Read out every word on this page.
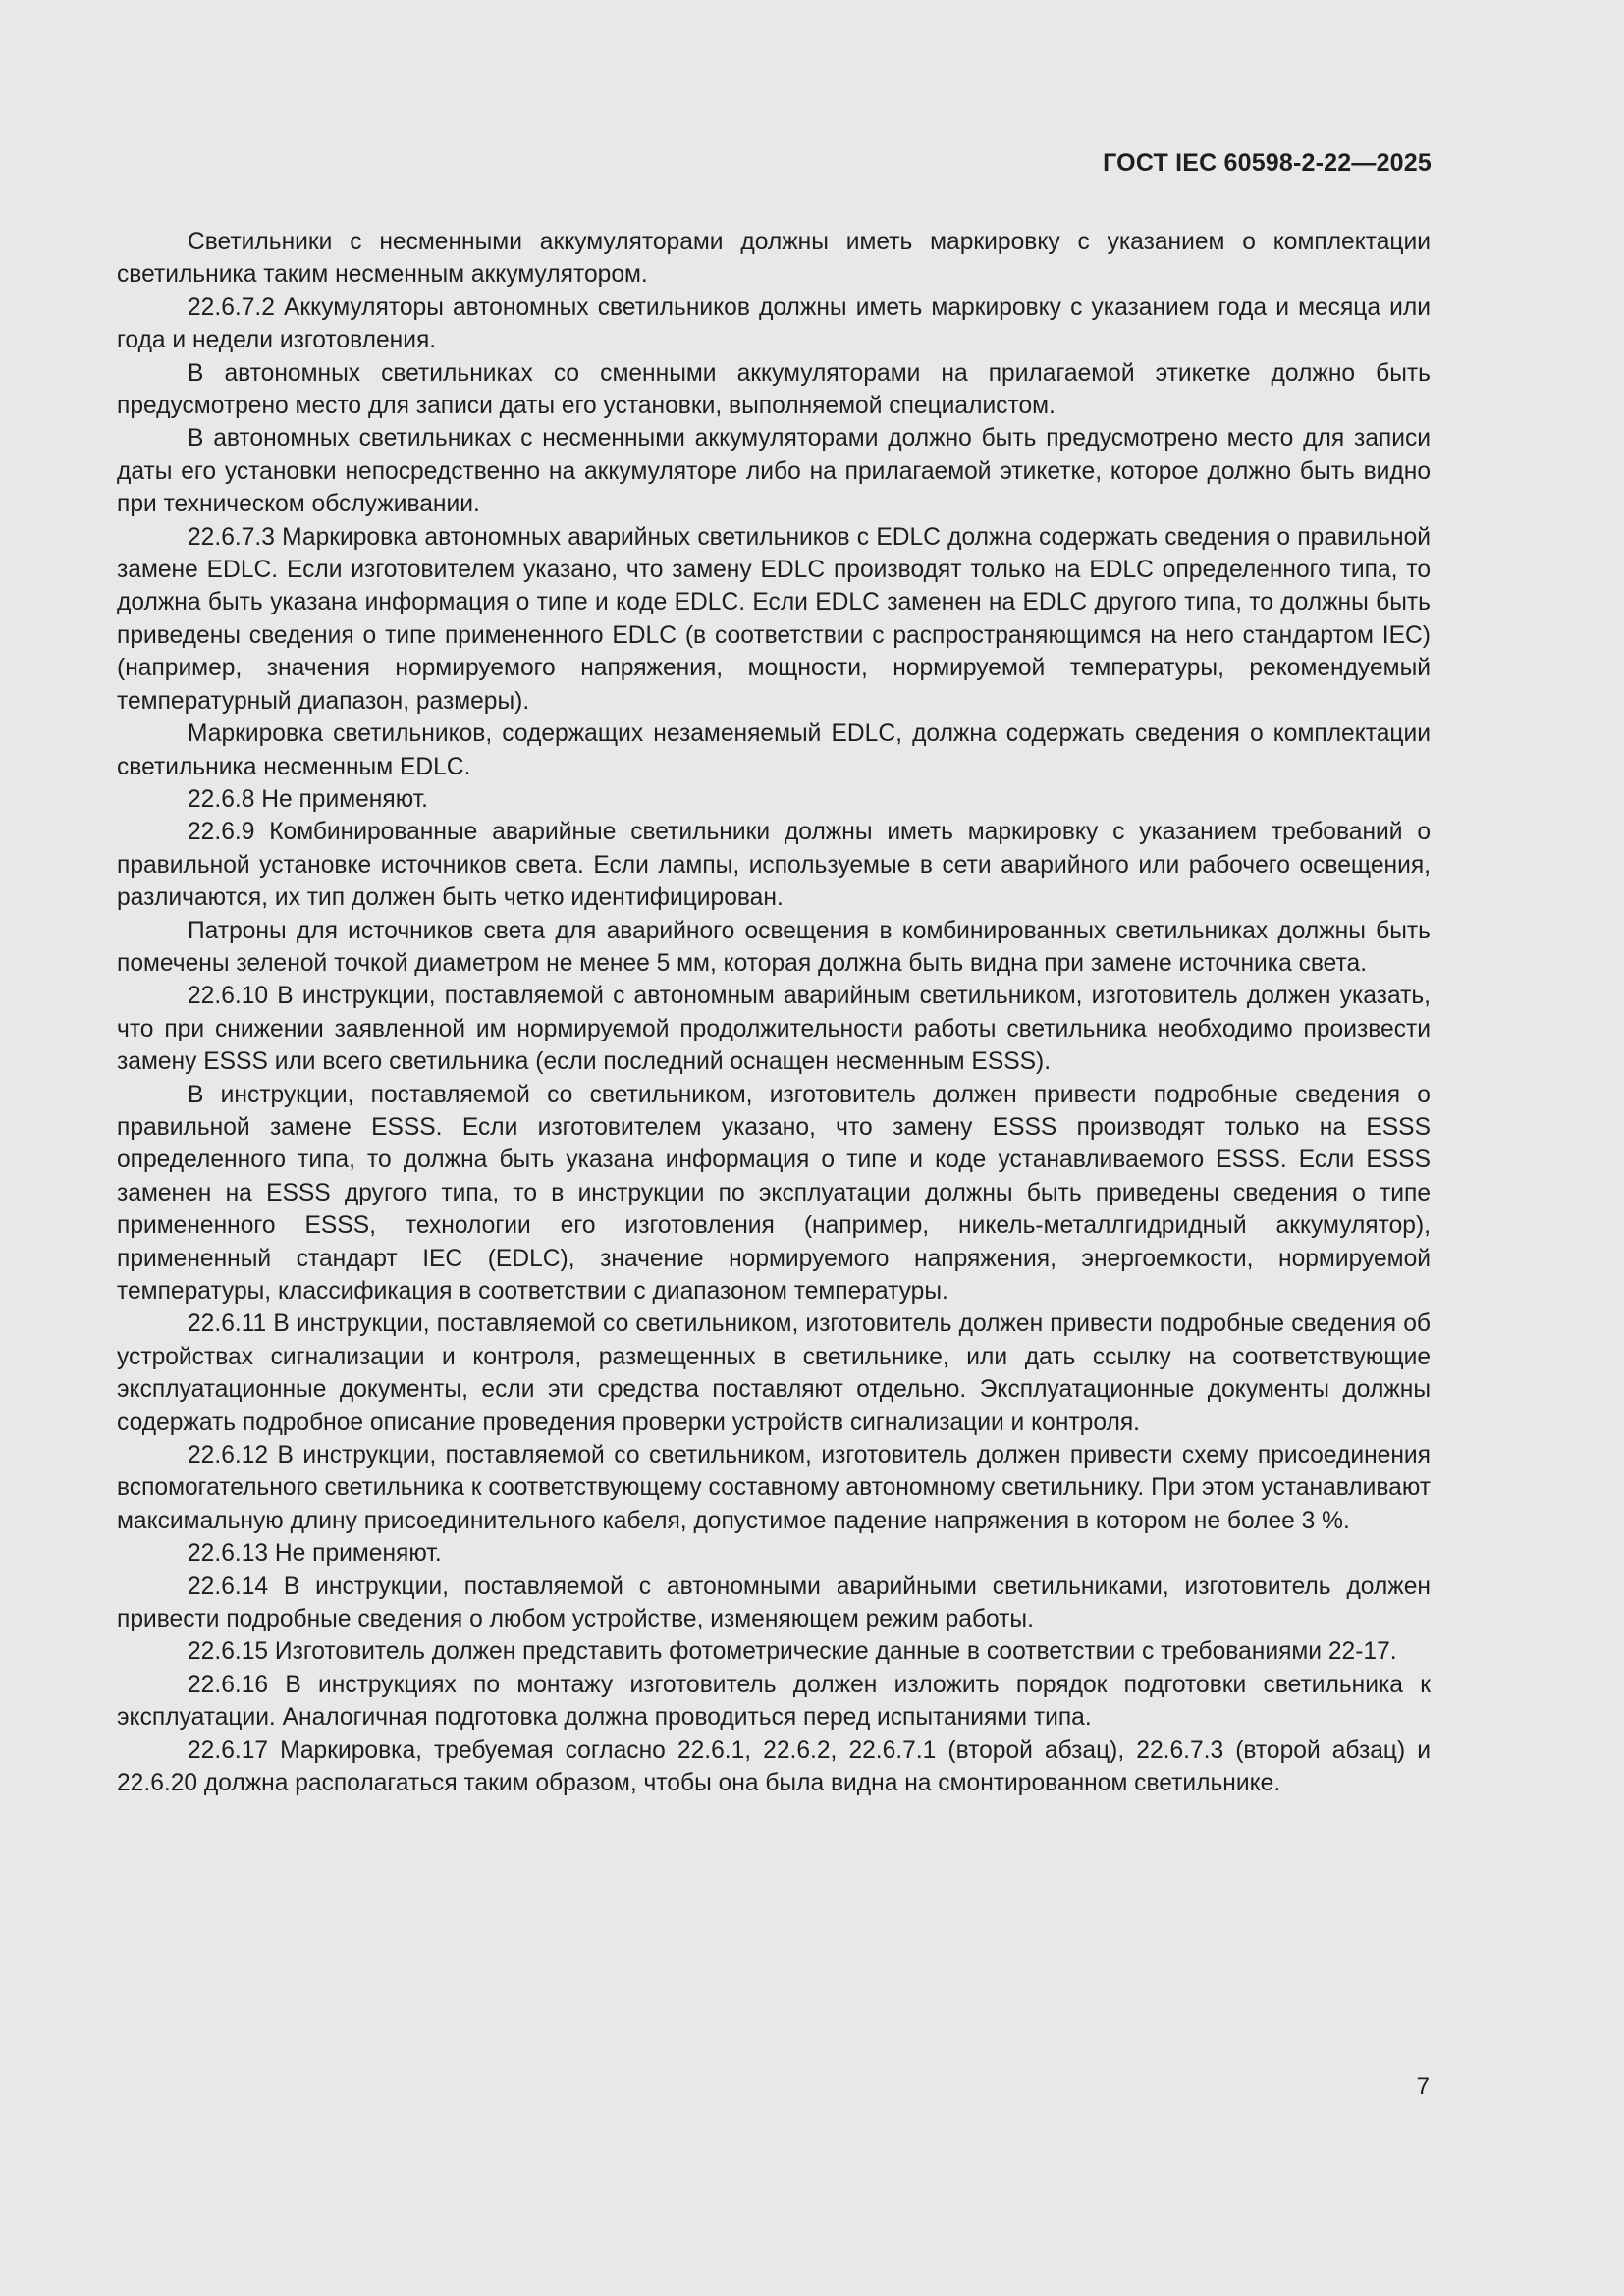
ГОСТ IEC 60598-2-22—2025

Светильники с несменными аккумуляторами должны иметь маркировку с указанием о комплектации светильника таким несменным аккумулятором.

22.6.7.2 Аккумуляторы автономных светильников должны иметь маркировку с указанием года и месяца или года и недели изготовления.

В автономных светильниках со сменными аккумуляторами на прилагаемой этикетке должно быть предусмотрено место для записи даты его установки, выполняемой специалистом.

В автономных светильниках с несменными аккумуляторами должно быть предусмотрено место для записи даты его установки непосредственно на аккумуляторе либо на прилагаемой этикетке, которое должно быть видно при техническом обслуживании.

22.6.7.3 Маркировка автономных аварийных светильников с EDLC должна содержать сведения о правильной замене EDLC. Если изготовителем указано, что замену EDLC производят только на EDLC определенного типа, то должна быть указана информация о типе и коде EDLC. Если EDLC заменен на EDLC другого типа, то должны быть приведены сведения о типе примененного EDLC (в соответствии с распространяющимся на него стандартом IEC) (например, значения нормируемого напряжения, мощности, нормируемой температуры, рекомендуемый температурный диапазон, размеры).

Маркировка светильников, содержащих незаменяемый EDLC, должна содержать сведения о комплектации светильника несменным EDLC.

22.6.8 Не применяют.

22.6.9 Комбинированные аварийные светильники должны иметь маркировку с указанием требований о правильной установке источников света. Если лампы, используемые в сети аварийного или рабочего освещения, различаются, их тип должен быть четко идентифицирован.

Патроны для источников света для аварийного освещения в комбинированных светильниках должны быть помечены зеленой точкой диаметром не менее 5 мм, которая должна быть видна при замене источника света.

22.6.10 В инструкции, поставляемой с автономным аварийным светильником, изготовитель должен указать, что при снижении заявленной им нормируемой продолжительности работы светильника необходимо произвести замену ESSS или всего светильника (если последний оснащен несменным ESSS).

В инструкции, поставляемой со светильником, изготовитель должен привести подробные сведения о правильной замене ESSS. Если изготовителем указано, что замену ESSS производят только на ESSS определенного типа, то должна быть указана информация о типе и коде устанавливаемого ESSS. Если ESSS заменен на ESSS другого типа, то в инструкции по эксплуатации должны быть приведены сведения о типе примененного ESSS, технологии его изготовления (например, никель-металлгидридный аккумулятор), примененный стандарт IEC (EDLC), значение нормируемого напряжения, энергоемкости, нормируемой температуры, классификация в соответствии с диапазоном температуры.

22.6.11 В инструкции, поставляемой со светильником, изготовитель должен привести подробные сведения об устройствах сигнализации и контроля, размещенных в светильнике, или дать ссылку на соответствующие эксплуатационные документы, если эти средства поставляют отдельно. Эксплуатационные документы должны содержать подробное описание проведения проверки устройств сигнализации и контроля.

22.6.12 В инструкции, поставляемой со светильником, изготовитель должен привести схему присоединения вспомогательного светильника к соответствующему составному автономному светильнику. При этом устанавливают максимальную длину присоединительного кабеля, допустимое падение напряжения в котором не более 3 %.

22.6.13 Не применяют.

22.6.14 В инструкции, поставляемой с автономными аварийными светильниками, изготовитель должен привести подробные сведения о любом устройстве, изменяющем режим работы.

22.6.15 Изготовитель должен представить фотометрические данные в соответствии с требованиями 22-17.

22.6.16 В инструкциях по монтажу изготовитель должен изложить порядок подготовки светильника к эксплуатации. Аналогичная подготовка должна проводиться перед испытаниями типа.

22.6.17 Маркировка, требуемая согласно 22.6.1, 22.6.2, 22.6.7.1 (второй абзац), 22.6.7.3 (второй абзац) и 22.6.20 должна располагаться таким образом, чтобы она была видна на смонтированном светильнике.

7
